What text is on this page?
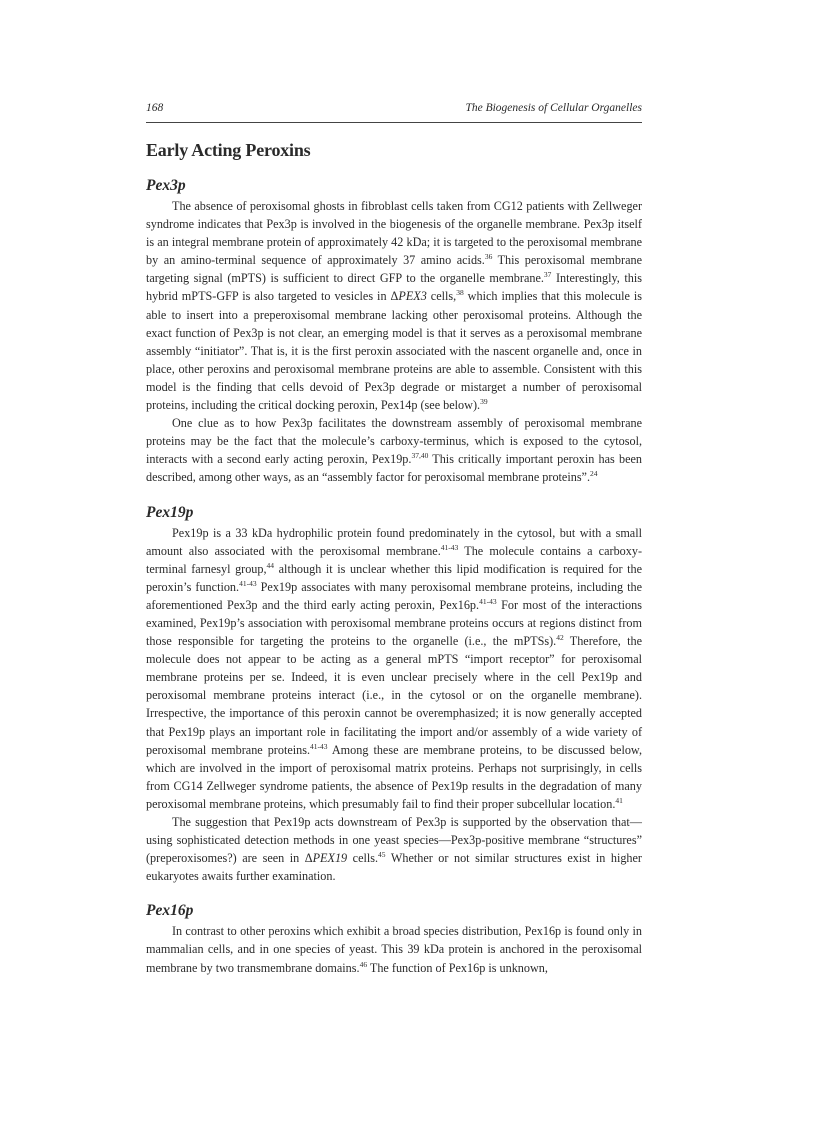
168	The Biogenesis of Cellular Organelles
Early Acting Peroxins
Pex3p

The absence of peroxisomal ghosts in fibroblast cells taken from CG12 patients with Zellweger syndrome indicates that Pex3p is involved in the biogenesis of the organelle membrane. Pex3p itself is an integral membrane protein of approximately 42 kDa; it is targeted to the peroxisomal membrane by an amino-terminal sequence of approximately 37 amino acids.$^{36}$ This peroxisomal membrane targeting signal (mPTS) is sufficient to direct GFP to the organelle membrane.$^{37}$ Interestingly, this hybrid mPTS-GFP is also targeted to vesicles in ΔPEX3 cells,$^{38}$ which implies that this molecule is able to insert into a preperoxisomal membrane lacking other peroxisomal proteins. Although the exact function of Pex3p is not clear, an emerging model is that it serves as a peroxisomal membrane assembly “initiator”. That is, it is the first peroxin associated with the nascent organelle and, once in place, other peroxins and peroxisomal membrane proteins are able to assemble. Consistent with this model is the finding that cells devoid of Pex3p degrade or mistarget a number of peroxisomal proteins, including the critical docking peroxin, Pex14p (see below).$^{39}$

One clue as to how Pex3p facilitates the downstream assembly of peroxisomal membrane proteins may be the fact that the molecule’s carboxy-terminus, which is exposed to the cytosol, interacts with a second early acting peroxin, Pex19p.$^{37,40}$ This critically important peroxin has been described, among other ways, as an “assembly factor for peroxisomal membrane proteins”.$^{24}$

Pex19p

Pex19p is a 33 kDa hydrophilic protein found predominately in the cytosol, but with a small amount also associated with the peroxisomal membrane.$^{41-43}$ The molecule contains a carboxy-terminal farnesyl group,$^{44}$ although it is unclear whether this lipid modification is required for the peroxin’s function.$^{41-43}$ Pex19p associates with many peroxisomal membrane proteins, including the aforementioned Pex3p and the third early acting peroxin, Pex16p.$^{41-43}$ For most of the interactions examined, Pex19p’s association with peroxisomal membrane proteins occurs at regions distinct from those responsible for targeting the proteins to the organelle (i.e., the mPTSs).$^{42}$ Therefore, the molecule does not appear to be acting as a general mPTS “import receptor” for peroxisomal membrane proteins per se. Indeed, it is even unclear precisely where in the cell Pex19p and peroxisomal membrane proteins interact (i.e., in the cytosol or on the organelle membrane). Irrespective, the importance of this peroxin cannot be overemphasized; it is now generally accepted that Pex19p plays an important role in facilitating the import and/or assembly of a wide variety of peroxisomal membrane proteins.$^{41-43}$ Among these are membrane proteins, to be discussed below, which are involved in the import of peroxisomal matrix proteins. Perhaps not surprisingly, in cells from CG14 Zellweger syndrome patients, the absence of Pex19p results in the degradation of many peroxisomal membrane proteins, which presumably fail to find their proper subcellular location.$^{41}$

The suggestion that Pex19p acts downstream of Pex3p is supported by the observation that—using sophisticated detection methods in one yeast species—Pex3p-positive membrane “structures” (preperoxisomes?) are seen in ΔPEX19 cells.$^{45}$ Whether or not similar structures exist in higher eukaryotes awaits further examination.

Pex16p

In contrast to other peroxins which exhibit a broad species distribution, Pex16p is found only in mammalian cells, and in one species of yeast. This 39 kDa protein is anchored in the peroxisomal membrane by two transmembrane domains.$^{46}$ The function of Pex16p is unknown,
